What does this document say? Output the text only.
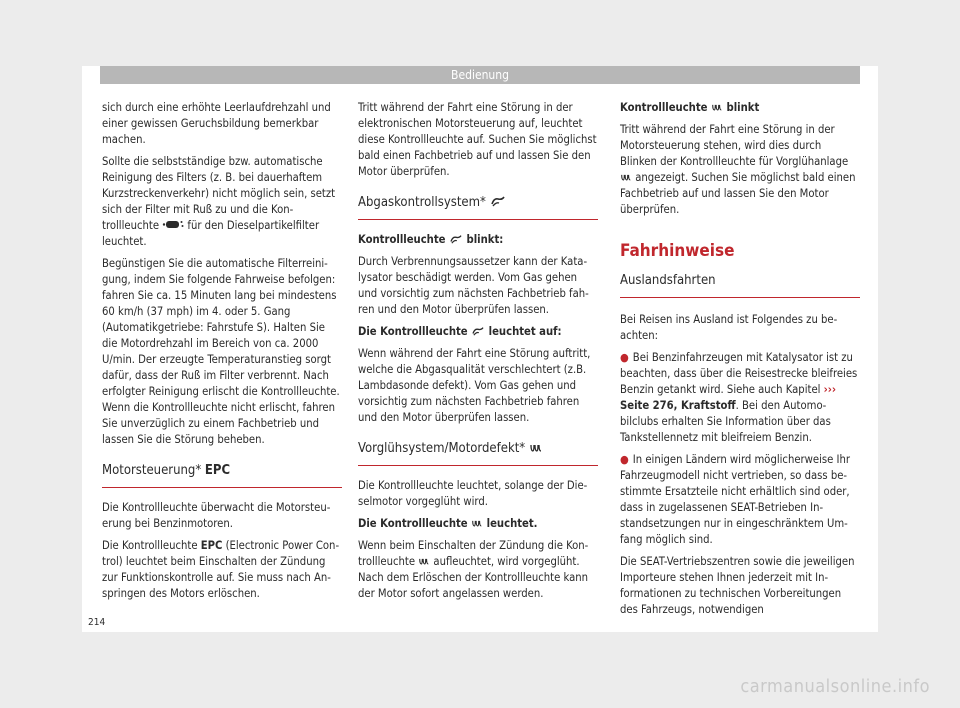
Bedienung

sich durch eine erhöhte Leerlaufdrehzahl und einer gewissen Geruchsbildung bemerkbar machen.

Sollte die selbstständige bzw. automatische Reinigung des Filters (z. B. bei dauerhaftem Kurzstreckenverkehr) nicht möglich sein, setzt sich der Filter mit Ruß zu und die Kontrollleuchte	für den Dieselpartikelfilter leuchtet.

Begünstigen Sie die automatische Filterreinigung, indem Sie folgende Fahrweise befolgen: fahren Sie ca. 15 Minuten lang bei mindestens 60 km/h (37 mph) im 4. oder 5. Gang (Automatikgetriebe: Fahrstufe S). Halten Sie die Motordrehzahl im Bereich von ca. 2000 U/min. Der erzeugte Temperaturanstieg sorgt dafür, dass der Ruß im Filter verbrennt. Nach erfolgter Reinigung erlischt die Kontrollleuchte. Wenn die Kontrollleuchte nicht erlischt, fahren Sie unverzüglich zu einem Fachbetrieb und lassen Sie die Störung beheben.

Motorsteuerung* EPC

Die Kontrollleuchte überwacht die Motorsteuerung bei Benzinmotoren.

Die Kontrollleuchte EPC (Electronic Power Control) leuchtet beim Einschalten der Zündung zur Funktionskontrolle auf. Sie muss nach Anspringen des Motors erlöschen.

Tritt während der Fahrt eine Störung in der elektronischen Motorsteuerung auf, leuchtet diese Kontrollleuchte auf. Suchen Sie möglichst bald einen Fachbetrieb auf und lassen Sie den Motor überprüfen.

Abgaskontrollsystem*

Kontrollleuchte blinkt:

Durch Verbrennungsaussetzer kann der Katalysator beschädigt werden. Vom Gas gehen und vorsichtig zum nächsten Fachbetrieb fahren und den Motor überprüfen lassen.

Die Kontrollleuchte leuchtet auf:

Wenn während der Fahrt eine Störung auftritt, welche die Abgasqualität verschlechtert (z.B. Lambdasonde defekt). Vom Gas gehen und vorsichtig zum nächsten Fachbetrieb fahren und den Motor überprüfen lassen.

Vorglühsystem/Motordefekt*

Die Kontrollleuchte leuchtet, solange der Dieselmotor vorgeglüht wird.

Die Kontrollleuchte leuchtet.

Wenn beim Einschalten der Zündung die Kontrollleuchte aufleuchtet, wird vorgeglüht. Nach dem Erlöschen der Kontrollleuchte kann der Motor sofort angelassen werden.

Kontrollleuchte blinkt

Tritt während der Fahrt eine Störung in der Motorsteuerung stehen, wird dies durch Blinken der Kontrollleuchte für Vorglühanlage  angezeigt. Suchen Sie möglichst bald einen Fachbetrieb auf und lassen Sie den Motor überprüfen.

Fahrhinweise
Auslandsfahrten

Bei Reisen ins Ausland ist Folgendes zu beachten:

● Bei Benzinfahrzeugen mit Katalysator ist zu beachten, dass über die Reisestrecke bleifreies Benzin getankt wird. Siehe auch Kapitel ››› Seite 276, Kraftstoff. Bei den Automobilclubs erhalten Sie Information über das Tankstellennetz mit bleifreiem Benzin.

● In einigen Ländern wird möglicherweise Ihr Fahrzeugmodell nicht vertrieben, so dass bestimmte Ersatzteile nicht erhältlich sind oder, dass in zugelassenen SEAT-Betrieben Instandsetzungen nur in eingeschränktem Umfang möglich sind.

Die SEAT-Vertriebszentren sowie die jeweiligen Importeure stehen Ihnen jederzeit mit Informationen zu technischen Vorbereitungen des Fahrzeugs, notwendigen

214
carmanualsonline.info
